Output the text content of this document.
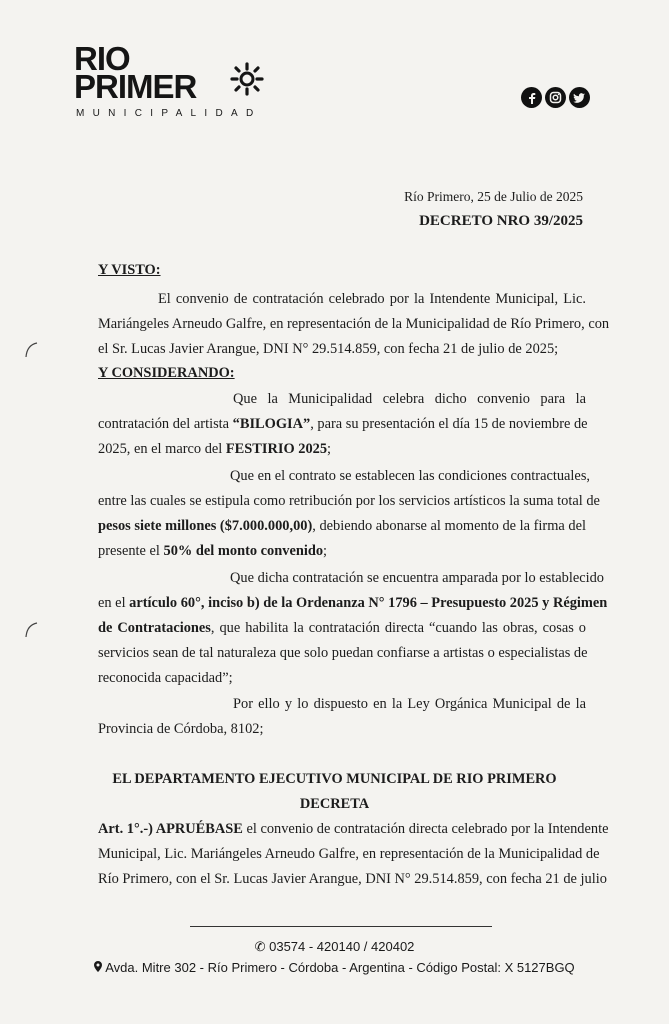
RIO
PRIMER
MUNICIPALIDAD
Río Primero, 25 de Julio de 2025
DECRETO NRO 39/2025
Y VISTO:
El convenio de contratación celebrado por la Intendente Municipal, Lic.
Mariángeles Arneudo Galfre, en representación de la Municipalidad de Río Primero, con
el Sr. Lucas Javier Arangue, DNI N° 29.514.859, con fecha 21 de julio de 2025;
Y CONSIDERANDO:
Que la Municipalidad celebra dicho convenio para la
contratación del artista “BILOGIA”, para su presentación el día 15 de noviembre de
2025, en el marco del FESTIRIO 2025;
Que en el contrato se establecen las condiciones contractuales,
entre las cuales se estipula como retribución por los servicios artísticos la suma total de
pesos siete millones ($7.000.000,00), debiendo abonarse al momento de la firma del
presente el 50% del monto convenido;
Que dicha contratación se encuentra amparada por lo establecido
en el artículo 60°, inciso b) de la Ordenanza N° 1796 – Presupuesto 2025 y Régimen
de Contrataciones, que habilita la contratación directa “cuando las obras, cosas o
servicios sean de tal naturaleza que solo puedan confiarse a artistas o especialistas de
reconocida capacidad”;
Por ello y lo dispuesto en la Ley Orgánica Municipal de la
Provincia de Córdoba, 8102;
EL DEPARTAMENTO EJECUTIVO MUNICIPAL DE RIO PRIMERO
DECRETA
Art. 1°.-) APRUÉBASE el convenio de contratación directa celebrado por la Intendente
Municipal, Lic. Mariángeles Arneudo Galfre, en representación de la Municipalidad de
Río Primero, con el Sr. Lucas Javier Arangue, DNI N° 29.514.859, con fecha 21 de julio
✆ 03574 - 420140 / 420402
Avda. Mitre 302 - Río Primero - Córdoba - Argentina - Código Postal: X 5127BGQ
